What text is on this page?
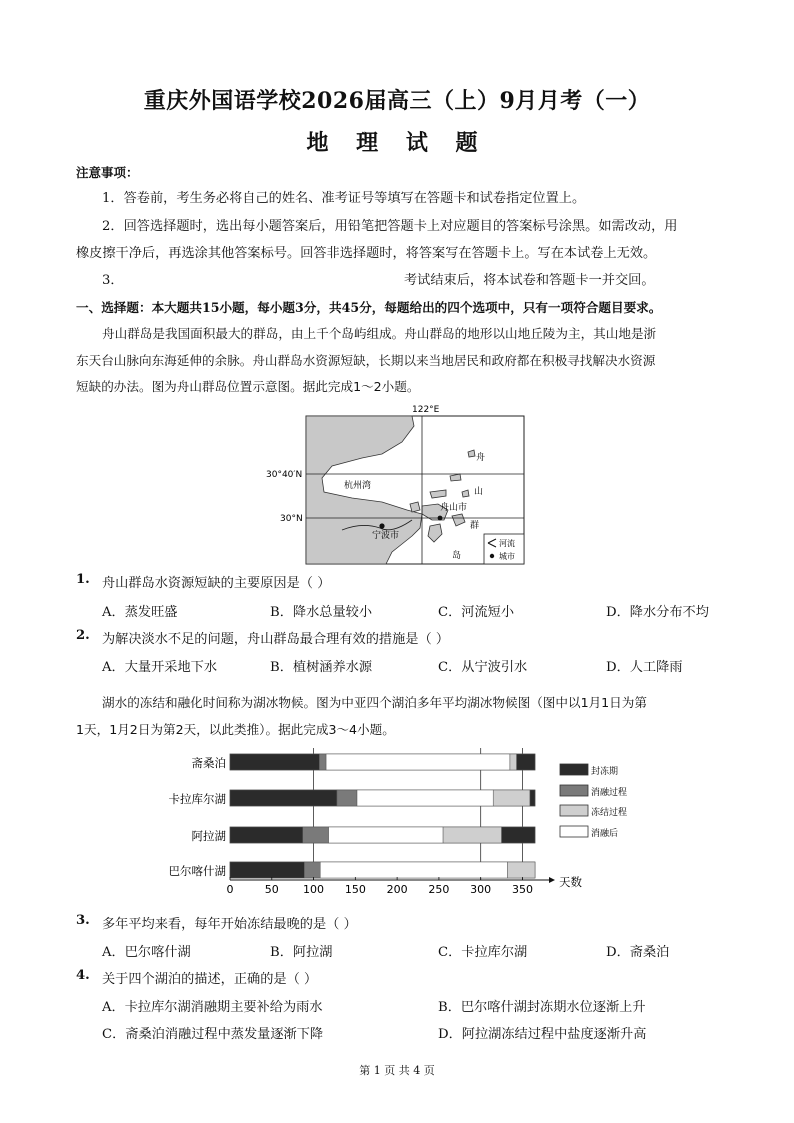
重庆外国语学校2026届高三（上）9月月考（一）
地 理 试 题
注意事项：
1．答卷前，考生务必将自己的姓名、准考证号等填写在答题卡和试卷指定位置上。
2．回答选择题时，选出每小题答案后，用铅笔把答题卡上对应题目的答案标号涂黑。如需改动，用
橡皮擦干净后，再选涂其他答案标号。回答非选择题时，将答案写在答题卡上。写在本试卷上无效。
3．	考试结束后，将本试卷和答题卡一并交回。
一、选择题：本大题共15小题，每小题3分，共45分，每题给出的四个选项中，只有一项符合题目要求。
舟山群岛是我国面积最大的群岛，由上千个岛屿组成。舟山群岛的地形以山地丘陵为主，其山地是浙
东天台山脉向东海延伸的余脉。舟山群岛水资源短缺，长期以来当地居民和政府都在积极寻找解决水资源
短缺的办法。图为舟山群岛位置示意图。据此完成1～2小题。
122°E
30°40′N
30°N
杭州湾
宁波市
舟山市
舟
山
群
岛
河流
城市
1. 舟山群岛水资源短缺的主要原因是（ ）
A．蒸发旺盛	B．降水总量较小	C．河流短小	D．降水分布不均
2. 为解决淡水不足的问题，舟山群岛最合理有效的措施是（ ）
A．大量开采地下水	B．植树涵养水源	C．从宁波引水	D．人工降雨
湖水的冻结和融化时间称为湖冰物候。图为中亚四个湖泊多年平均湖冰物候图（图中以1月1日为第
1天，1月2日为第2天，以此类推）。据此完成3～4小题。
斋桑泊
卡拉库尔湖
阿拉湖
巴尔喀什湖
0	50 100 150 200 250 300 350
天数
封冻期
消融过程
冻结过程
消融后
3. 多年平均来看，每年开始冻结最晚的是（ ）
A．巴尔喀什湖	B．阿拉湖	C．卡拉库尔湖	D．斋桑泊
4. 关于四个湖泊的描述，正确的是（ ）
A．卡拉库尔湖消融期主要补给为雨水	B．巴尔喀什湖封冻期水位逐渐上升
C．斋桑泊消融过程中蒸发量逐渐下降	D．阿拉湖冻结过程中盐度逐渐升高
第 1 页 共 4 页
